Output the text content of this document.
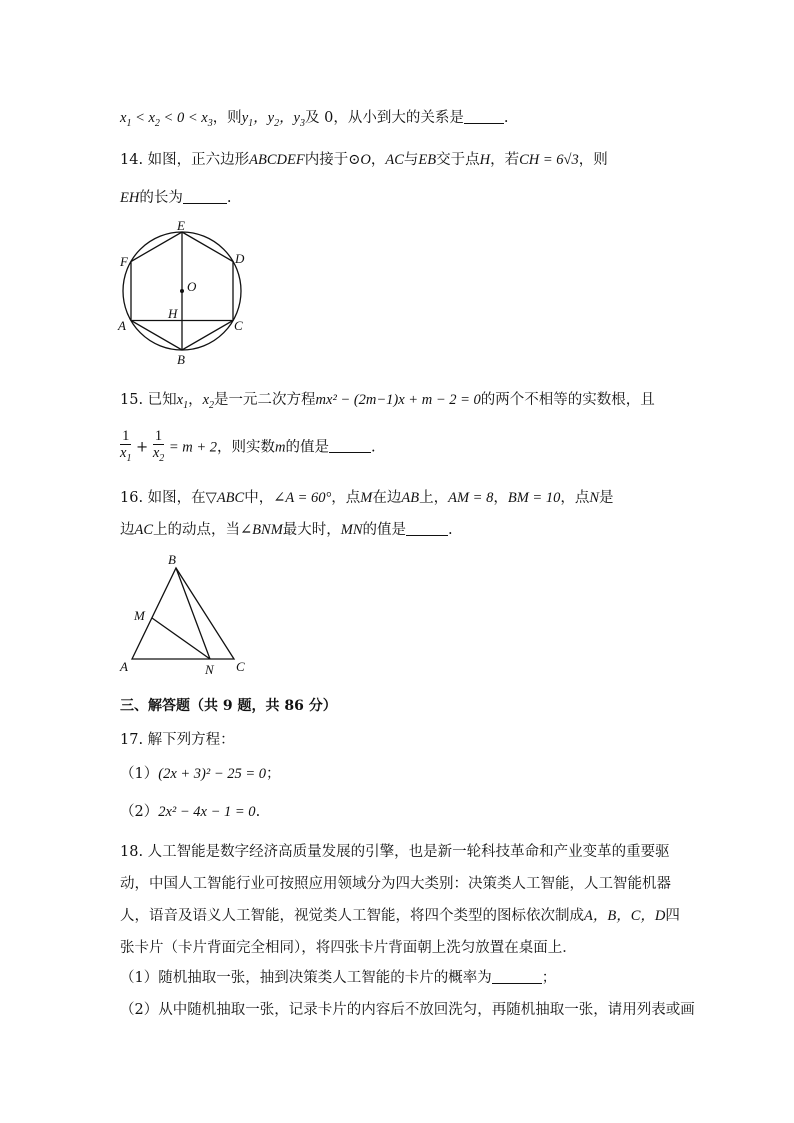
$x_1 < x_2 < 0 < x_3$，则$y_1$，$y_2$，$y_3$及 0，从小到大的关系是	.
14. 如图，正六边形ABCDEF内接于⊙O，AC与EB交于点H，若CH = 6√3，则
EH的长为	.
E
D
F
O
H
A	C
B
15. 已知$x_1$，$x_2$是一元二次方程mx² − (2m−1)x + m − 2 = 0的两个不相等的实数根，且
$\frac{1}{x_1} + \frac{1}{x_2} = m + 2$，则实数m的值是	.
16. 如图，在▽ABC中，∠A = 60°，点M在边AB上，AM = 8，BM = 10，点N是
边AC上的动点，当∠BNM最大时，MN的值是	.
B
M
A	N C
三、解答题（共 9 题，共 86 分）
17. 解下列方程：
（1）(2x + 3)² − 25 = 0；
（2）2x² − 4x − 1 = 0.
18. 人工智能是数字经济高质量发展的引擎，也是新一轮科技革命和产业变革的重要驱
动，中国人工智能行业可按照应用领域分为四大类别：决策类人工智能，人工智能机器
人，语音及语义人工智能，视觉类人工智能，将四个类型的图标依次制成A，B，C，D四
张卡片（卡片背面完全相同），将四张卡片背面朝上洗匀放置在桌面上．
（1）随机抽取一张，抽到决策类人工智能的卡片的概率为	；
（2）从中随机抽取一张，记录卡片的内容后不放回洗匀，再随机抽取一张，请用列表或画
